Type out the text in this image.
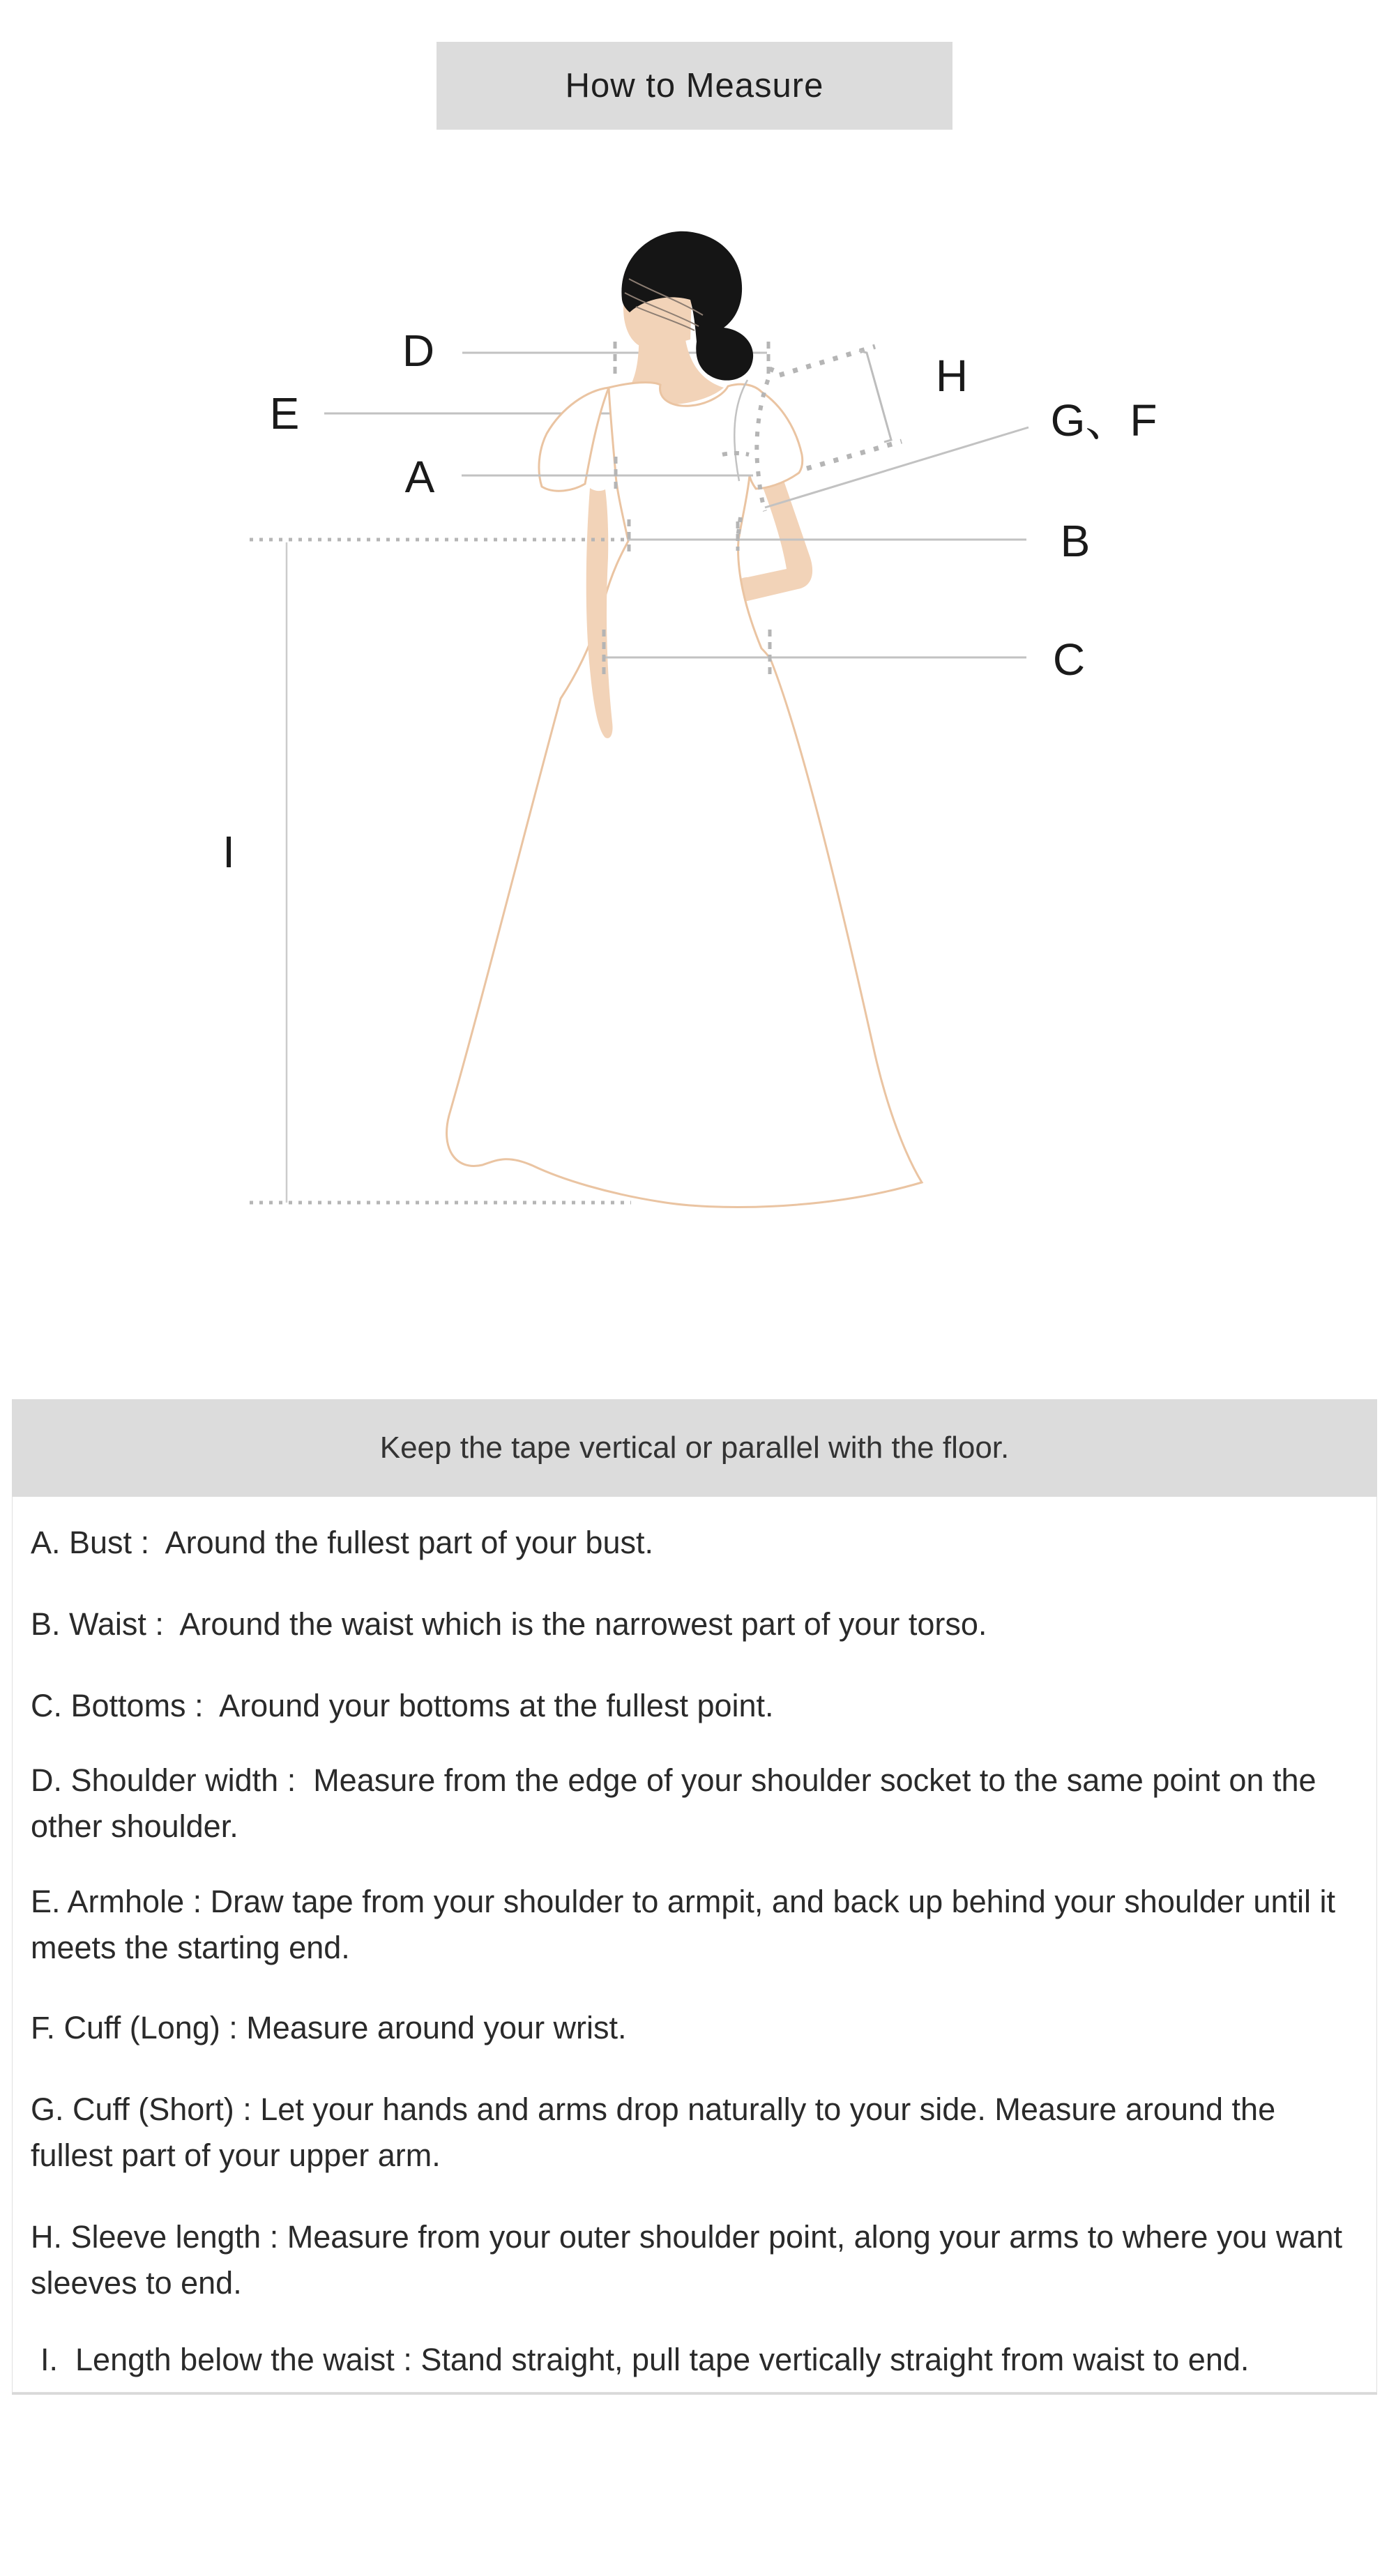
How to Measure
D
E
A
B
C
H
G、F
I
Keep the tape vertical or parallel with the floor.

A. Bust :  Around the fullest part of your bust.

B. Waist :  Around the waist which is the narrowest part of your torso.

C. Bottoms :  Around your bottoms at the fullest point.

D. Shoulder width :  Measure from the edge of your shoulder socket to the same point on the other shoulder.

E. Armhole : Draw tape from your shoulder to armpit, and back up behind your shoulder until it meets the starting end.

F. Cuff (Long) : Measure around your wrist.

G. Cuff (Short) : Let your hands and arms drop naturally to your side. Measure around the fullest part of your upper arm.

H. Sleeve length : Measure from your outer shoulder point, along your arms to where you want sleeves to end.

I.  Length below the waist : Stand straight, pull tape vertically straight from waist to end.
